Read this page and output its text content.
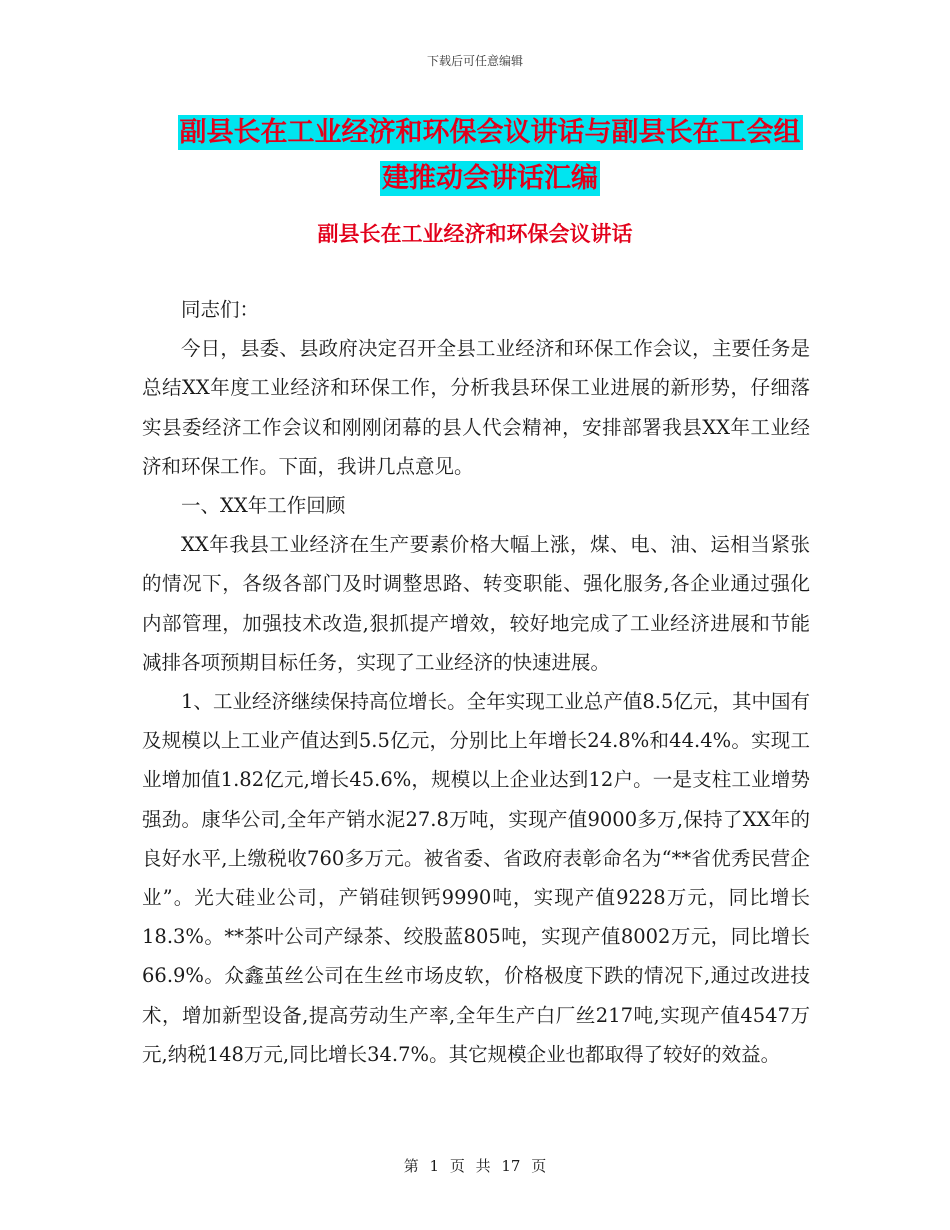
下载后可任意编辑
副县长在工业经济和环保会议讲话与副县长在工会组
建推动会讲话汇编
副县长在工业经济和环保会议讲话

同志们：

今日，县委、县政府决定召开全县工业经济和环保工作会议，主要任务是总结XX年度工业经济和环保工作，分析我县环保工业进展的新形势，仔细落实县委经济工作会议和刚刚闭幕的县人代会精神，安排部署我县XX年工业经济和环保工作。下面，我讲几点意见。

一、XX年工作回顾

XX年我县工业经济在生产要素价格大幅上涨，煤、电、油、运相当紧张的情况下，各级各部门及时调整思路、转变职能、强化服务,各企业通过强化内部管理，加强技术改造,狠抓提产增效，较好地完成了工业经济进展和节能减排各项预期目标任务，实现了工业经济的快速进展。

1、工业经济继续保持高位增长。全年实现工业总产值8.5亿元，其中国有及规模以上工业产值达到5.5亿元，分别比上年增长24.8%和44.4%。实现工业增加值1.82亿元,增长45.6%，规模以上企业达到12户。一是支柱工业增势强劲。康华公司,全年产销水泥27.8万吨，实现产值9000多万,保持了XX年的良好水平,上缴税收760多万元。被省委、省政府表彰命名为“**省优秀民营企业”。光大硅业公司，产销硅钡钙9990吨，实现产值9228万元，同比增长18.3%。**茶叶公司产绿茶、绞股蓝805吨，实现产值8002万元，同比增长66.9%。众鑫茧丝公司在生丝市场皮软，价格极度下跌的情况下,通过改进技术，增加新型设备,提高劳动生产率,全年生产白厂丝217吨,实现产值4547万元,纳税148万元,同比增长34.7%。其它规模企业也都取得了较好的效益。

第 1 页 共 17 页
